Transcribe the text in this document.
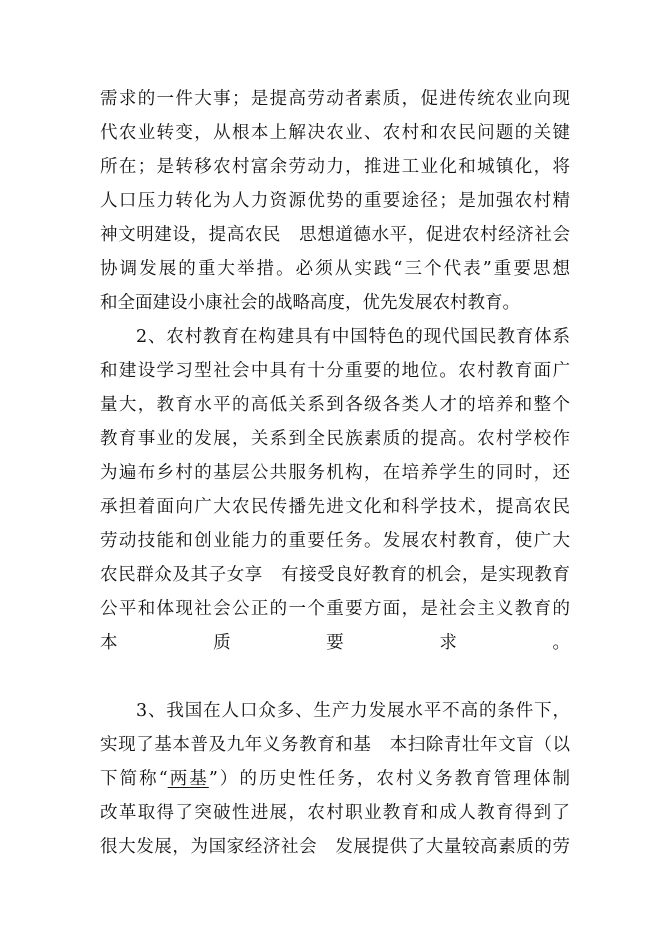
需求的一件大事；是提高劳动者素质，促进传统农业向现
代农业转变，从根本上解决农业、农村和农民问题的关键
所在；是转移农村富余劳动力，推进工业化和城镇化，将
人口压力转化为人力资源优势的重要途径；是加强农村精
神文明建设，提高农民　思想道德水平，促进农村经济社会
协调发展的重大举措。必须从实践“三个代表”重要思想
和全面建设小康社会的战略高度，优先发展农村教育。
2、农村教育在构建具有中国特色的现代国民教育体系
和建设学习型社会中具有十分重要的地位。农村教育面广
量大，教育水平的高低关系到各级各类人才的培养和整个
教育事业的发展，关系到全民族素质的提高。农村学校作
为遍布乡村的基层公共服务机构，在培养学生的同时，还
承担着面向广大农民传播先进文化和科学技术，提高农民
劳动技能和创业能力的重要任务。发展农村教育，使广大
农民群众及其子女享　有接受良好教育的机会，是实现教育
公平和体现社会公正的一个重要方面，是社会主义教育的
本质要求。
3、我国在人口众多、生产力发展水平不高的条件下，
实现了基本普及九年义务教育和基　本扫除青壮年文盲（以
下简称“两基”）的历史性任务，农村义务教育管理体制
改革取得了突破性进展，农村职业教育和成人教育得到了
很大发展，为国家经济社会　发展提供了大量较高素质的劳
